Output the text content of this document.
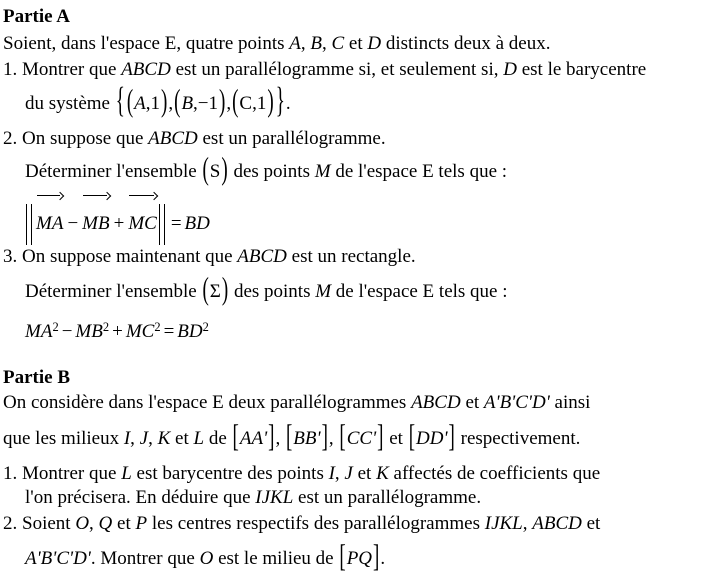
Partie A
Soient, dans l'espace E, quatre points A, B, C et D distincts deux à deux.
1. Montrer que ABCD est un parallélogramme si, et seulement si, D est le barycentre
du système { (A,1),(B,−1),(C,1) }.
2. On suppose que ABCD est un parallélogramme.
Déterminer l'ensemble (S) des points M de l'espace E tels que :
MA − MB + MC = BD
3. On suppose maintenant que ABCD est un rectangle.
Déterminer l'ensemble (Σ) des points M de l'espace E tels que :
$MA^2 - MB^2 + MC^2 = BD^2$
Partie B
On considère dans l'espace E deux parallélogrammes ABCD et A'B'C'D' ainsi
que les milieux I, J, K et L de [AA'], [BB'], [CC'] et [DD'] respectivement.
1. Montrer que L est barycentre des points I, J et K affectés de coefficients que
l'on précisera. En déduire que IJKL est un parallélogramme.
2. Soient O, Q et P les centres respectifs des parallélogrammes IJKL, ABCD et
A'B'C'D'. Montrer que O est le milieu de [PQ].
